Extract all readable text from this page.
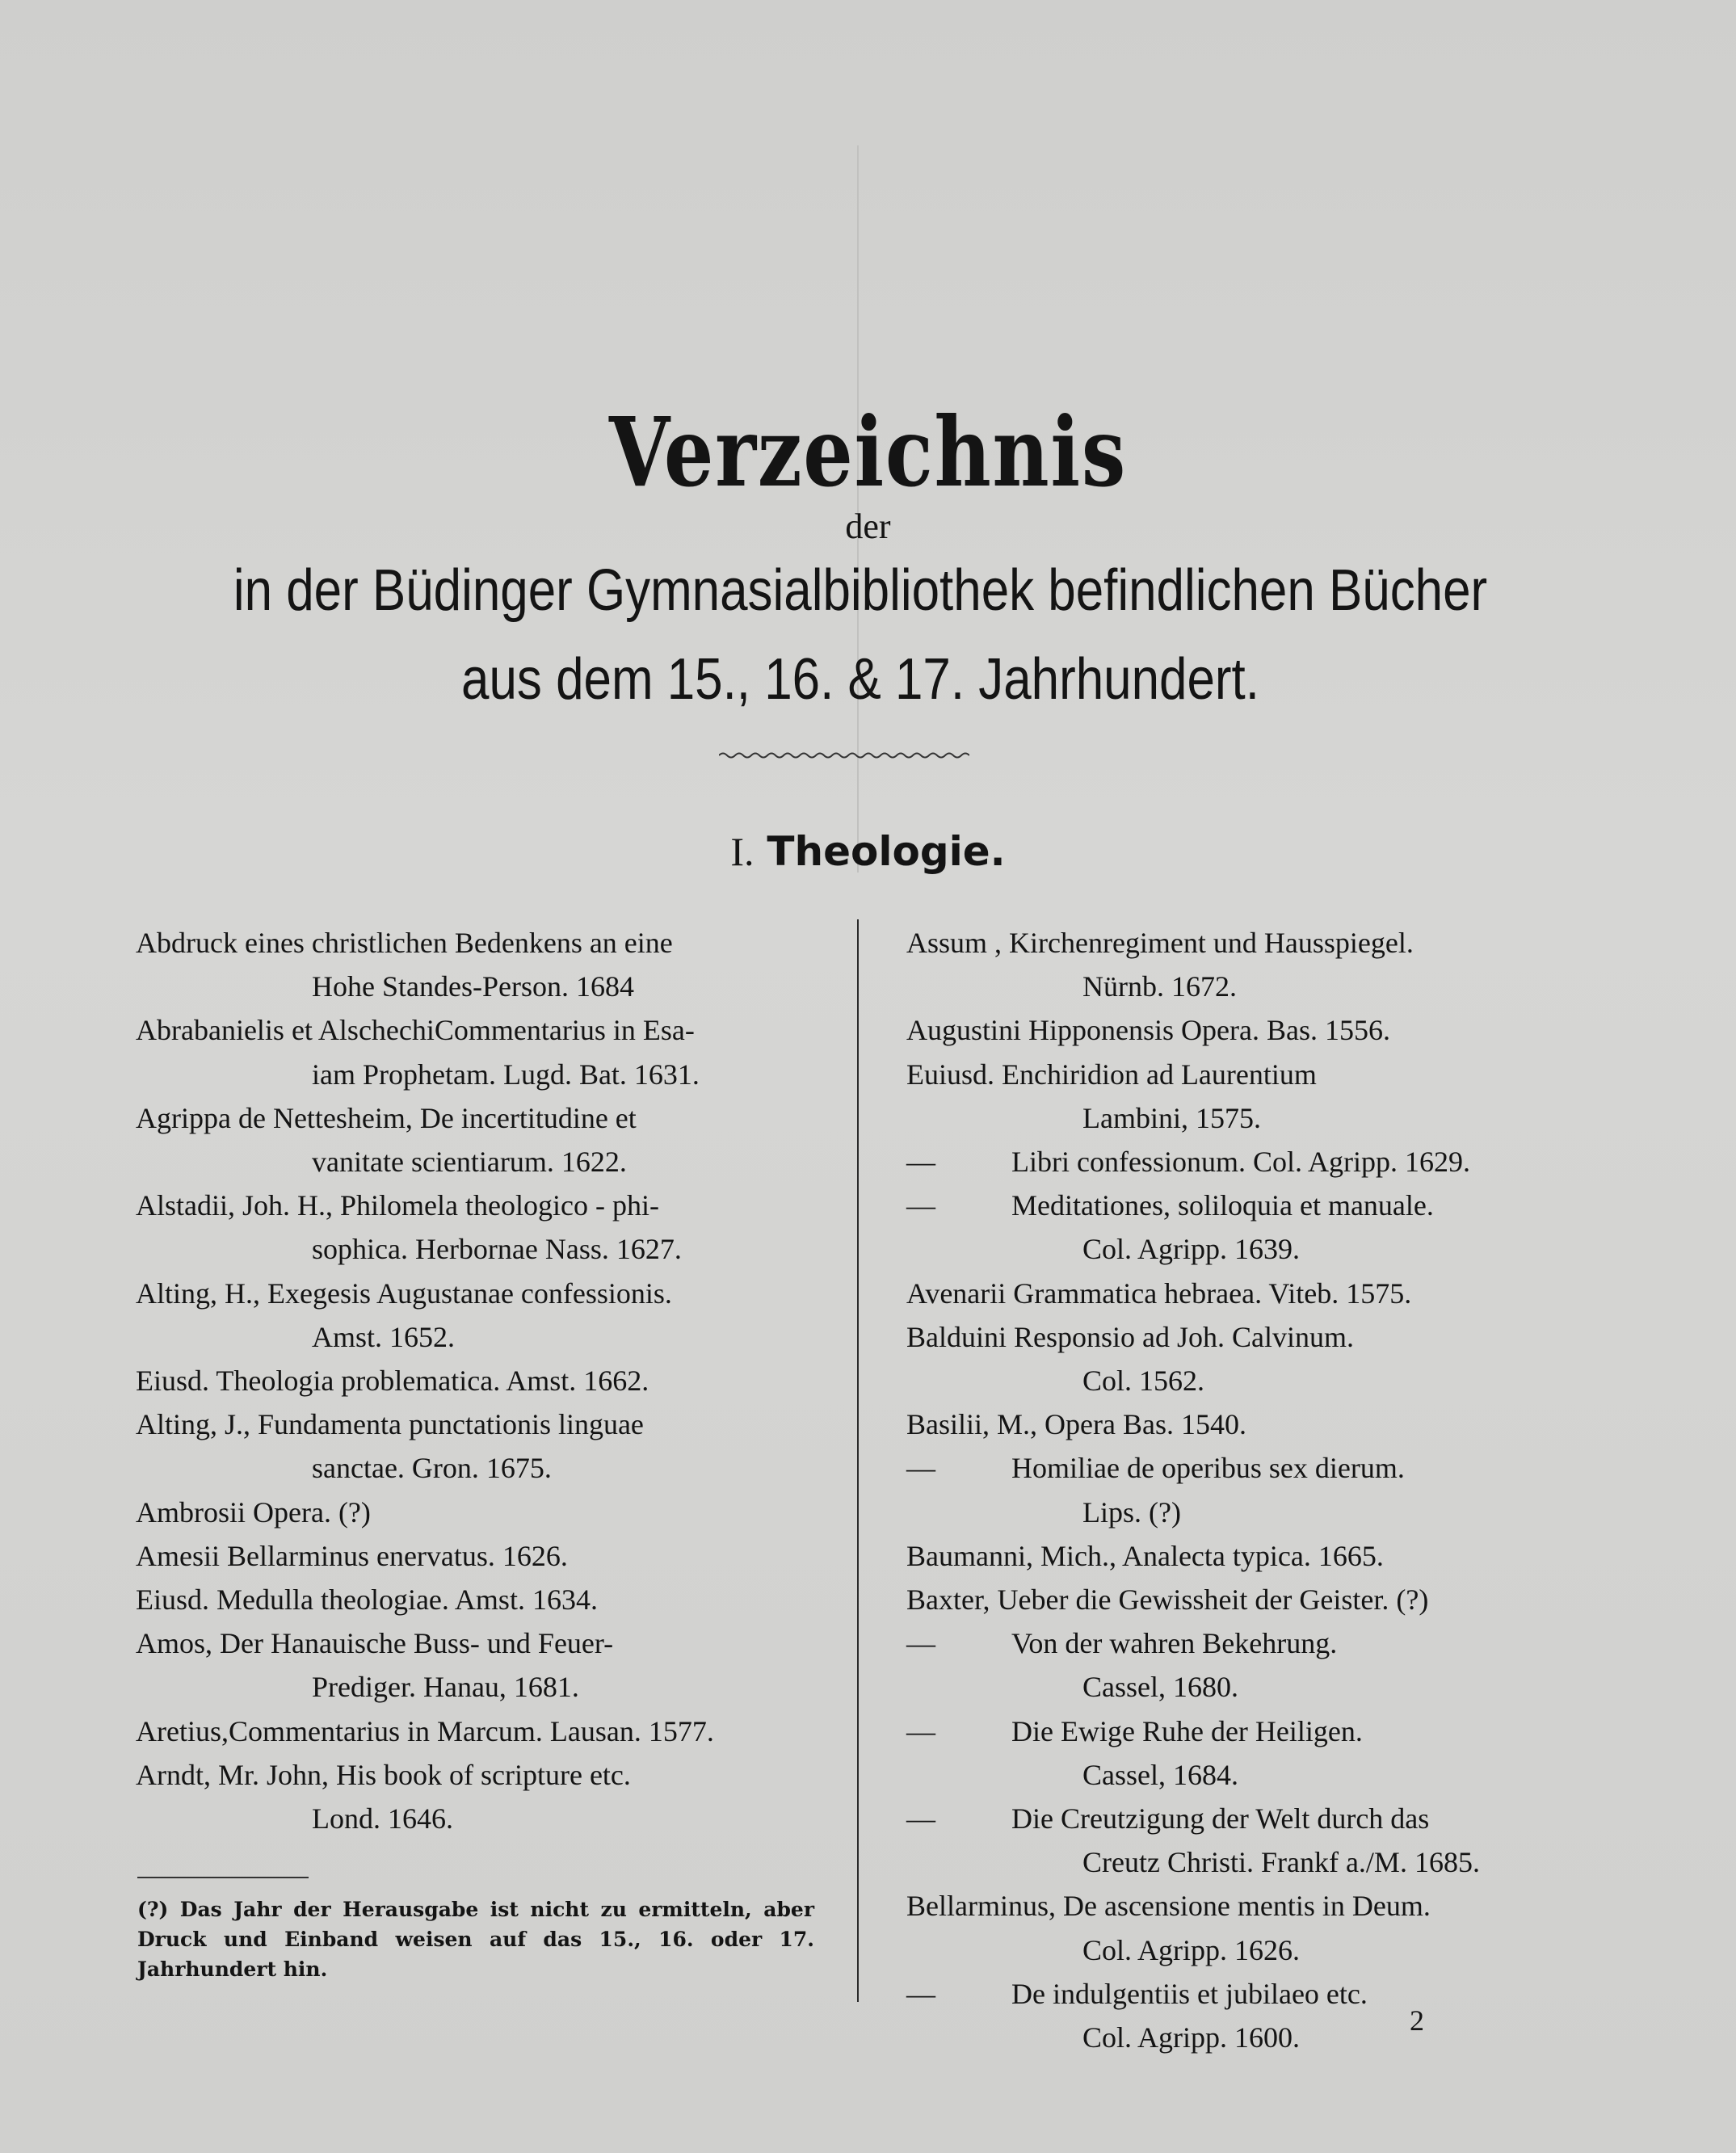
Verzeichnis
der
in der Büdinger Gymnasialbibliothek befindlichen Bücher
aus dem 15., 16. & 17. Jahrhundert.
I. Theologie.
Abdruck eines christlichen Bedenkens an eine
Hohe Standes-Person. 1684
Abrabanielis et AlschechiCommentarius in Esa-
iam Prophetam. Lugd. Bat. 1631.
Agrippa de Nettesheim, De incertitudine et
vanitate scientiarum. 1622.
Alstadii, Joh. H., Philomela theologico - phi-
sophica. Herbornae Nass. 1627.
Alting, H., Exegesis Augustanae confessionis.
Amst. 1652.
Eiusd. Theologia problematica. Amst. 1662.
Alting, J., Fundamenta punctationis linguae
sanctae. Gron. 1675.
Ambrosii Opera. (?)
Amesii Bellarminus enervatus. 1626.
Eiusd. Medulla theologiae. Amst. 1634.
Amos, Der Hanauische Buss- und Feuer-
Prediger. Hanau, 1681.
Aretius,Commentarius in Marcum. Lausan. 1577.
Arndt, Mr. John, His book of scripture etc.
Lond. 1646.
Assum , Kirchenregiment und Hausspiegel.
Nürnb. 1672.
Augustini Hipponensis Opera. Bas. 1556.
Euiusd. Enchiridion ad Laurentium
Lambini, 1575.
—	Libri confessionum. Col. Agripp. 1629.
—	Meditationes, soliloquia et manuale.
Col. Agripp. 1639.
Avenarii Grammatica hebraea. Viteb. 1575.
Balduini Responsio ad Joh. Calvinum.
Col. 1562.
Basilii, M., Opera Bas. 1540.
—	Homiliae de operibus sex dierum.
Lips. (?)
Baumanni, Mich., Analecta typica. 1665.
Baxter, Ueber die Gewissheit der Geister. (?)
—	Von der wahren Bekehrung.
Cassel, 1680.
—	Die Ewige Ruhe der Heiligen.
Cassel, 1684.
—	Die Creutzigung der Welt durch das
Creutz Christi. Frankf a./M. 1685.
Bellarminus, De ascensione mentis in Deum.
Col. Agripp. 1626.
—	De indulgentiis et jubilaeo etc.
Col. Agripp. 1600.
(?) Das Jahr der Herausgabe ist nicht zu ermitteln, aber Druck und Einband weisen auf das 15., 16. oder 17. Jahrhundert hin.
2
